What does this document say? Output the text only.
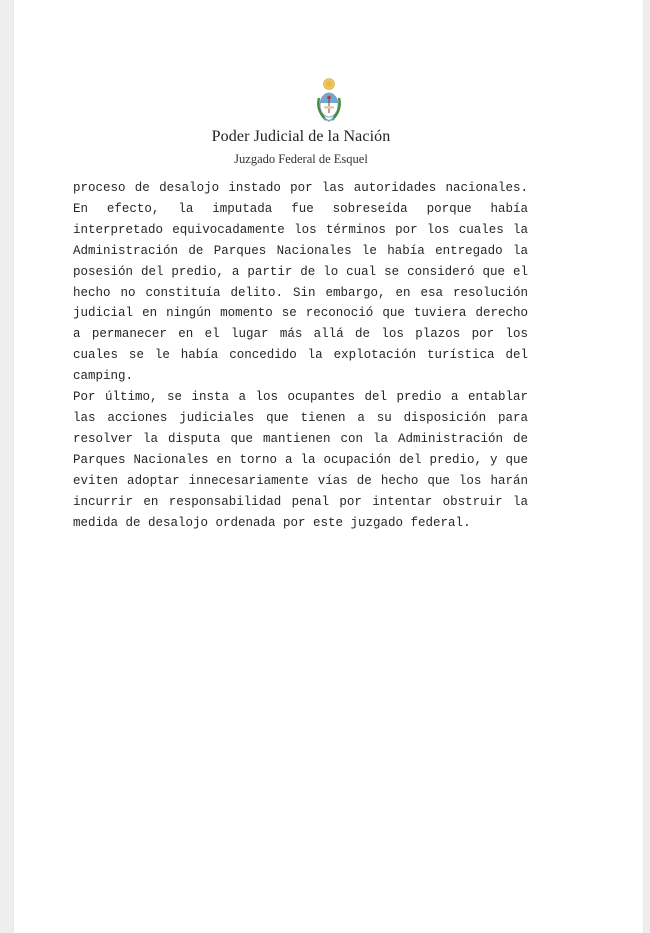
Poder Judicial de la Nación
Juzgado Federal de Esquel

proceso de desalojo instado por las autoridades nacionales. En efecto, la imputada fue sobreseída porque había interpretado equivocadamente los términos por los cuales la Administración de Parques Nacionales le había entregado la posesión del predio, a partir de lo cual se consideró que el hecho no constituía delito. Sin embargo, en esa resolución judicial en ningún momento se reconoció que tuviera derecho a permanecer en el lugar más allá de los plazos por los cuales se le había concedido la explotación turística del camping.

Por último, se insta a los ocupantes del predio a entablar las acciones judiciales que tienen a su disposición para resolver la disputa que mantienen con la Administración de Parques Nacionales en torno a la ocupación del predio, y que eviten adoptar innecesariamente vías de hecho que los harán incurrir en responsabilidad penal por intentar obstruir la medida de desalojo ordenada por este juzgado federal.
